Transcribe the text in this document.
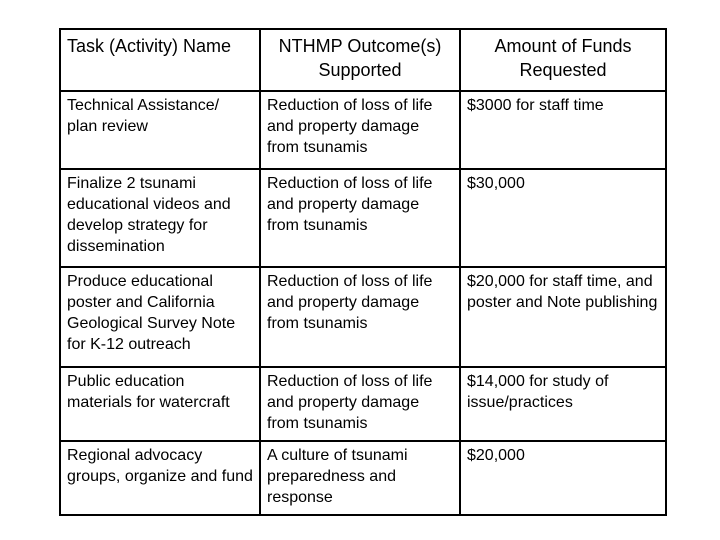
Task (Activity) Name	NTHMP Outcome(s) Supported	Amount of Funds Requested
Technical Assistance/ plan review	Reduction of loss of life and property damage from tsunamis	$3000 for staff time
Finalize 2 tsunami educational videos and develop strategy for dissemination	Reduction of loss of life and property damage from tsunamis	$30,000
Produce educational poster and California Geological Survey Note for K-12 outreach	Reduction of loss of life and property damage from tsunamis	$20,000 for staff time, and poster and Note publishing
Public education materials for watercraft	Reduction of loss of life and property damage from tsunamis	$14,000 for study of issue/practices
Regional advocacy groups, organize and fund	A culture of tsunami preparedness and response	$20,000
